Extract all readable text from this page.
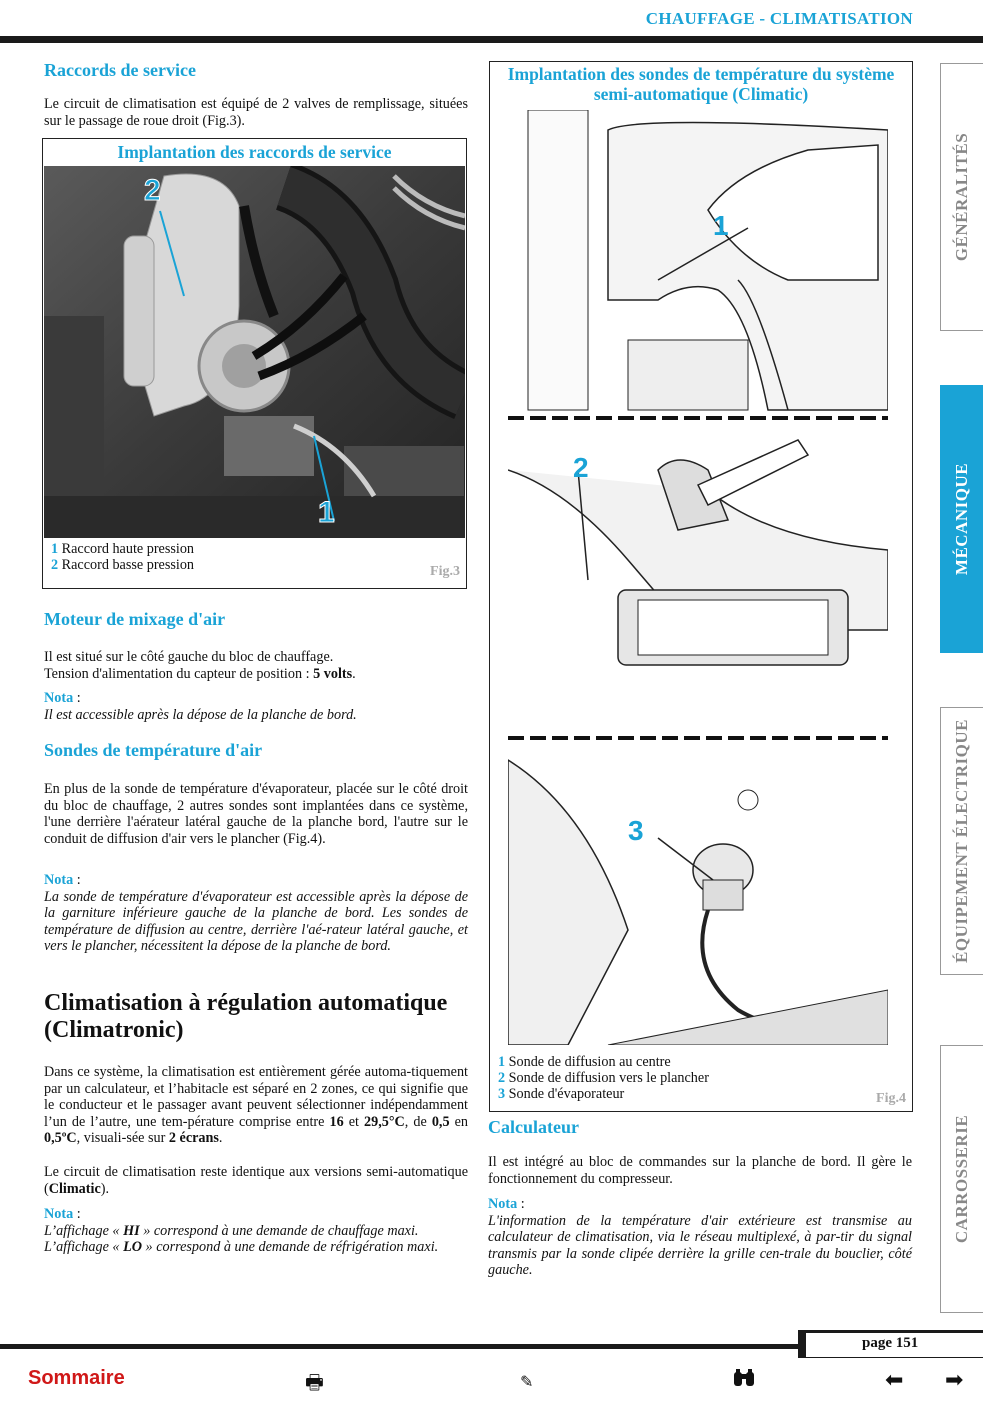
CHAUFFAGE - CLIMATISATION
GÉNÉRALITÉS
MÉCANIQUE
ÉQUIPEMENT ÉLECTRIQUE
CARROSSERIE
Raccords de service

Le circuit de climatisation est équipé de 2 valves de remplissage, situées sur le passage de roue droit (Fig.3).

Implantation des raccords de service
2
1
1 Raccord haute pression
2 Raccord basse pression	Fig.3
Moteur de mixage d'air

Il est situé sur le côté gauche du bloc de chauffage.
Tension d'alimentation du capteur de position : 5 volts.

Nota :
Il est accessible après la dépose de la planche de bord.

Sondes de température d'air

En plus de la sonde de température d'évaporateur, placée sur le côté droit du bloc de chauffage, 2 autres sondes sont implantées dans ce système, l'une derrière l'aérateur latéral gauche de la planche bord, l'autre sur le conduit de diffusion d'air vers le plancher (Fig.4).

Nota :
La sonde de température d'évaporateur est accessible après la dépose de la garniture inférieure gauche de la planche de bord. Les sondes de température de diffusion au centre, derrière l'aé-rateur latéral gauche, et vers le plancher, nécessitent la dépose de la planche de bord.

Climatisation à régulation automatique (Climatronic)

Dans ce système, la climatisation est entièrement gérée automa-tiquement par un calculateur, et l’habitacle est séparé en 2 zones, ce qui signifie que le conducteur et le passager avant peuvent sélectionner indépendamment l’un de l’autre, une tem-pérature comprise entre 16 et 29,5°C, de 0,5 en 0,5ºC, visuali-sée sur 2 écrans.

Le circuit de climatisation reste identique aux versions semi-automatique (Climatic).

Nota :
L’affichage « HI » correspond à une demande de chauffage maxi.
L’affichage « LO » correspond à une demande de réfrigération maxi.

Implantation des sondes de température du système semi-automatique (Climatic)
1
2
3
1 Sonde de diffusion au centre
2 Sonde de diffusion vers le plancher
3 Sonde d'évaporateur	Fig.4
Calculateur

Il est intégré au bloc de commandes sur la planche de bord. Il gère le fonctionnement du compresseur.

Nota :
L'information de la température d'air extérieure est transmise au calculateur de climatisation, via le réseau multiplexé, à par-tir du signal transmis par la sonde clipée derrière la grille cen-trale du bouclier, côté gauche.

page 151
Sommaire	🖶	✎	⬅ ➡
